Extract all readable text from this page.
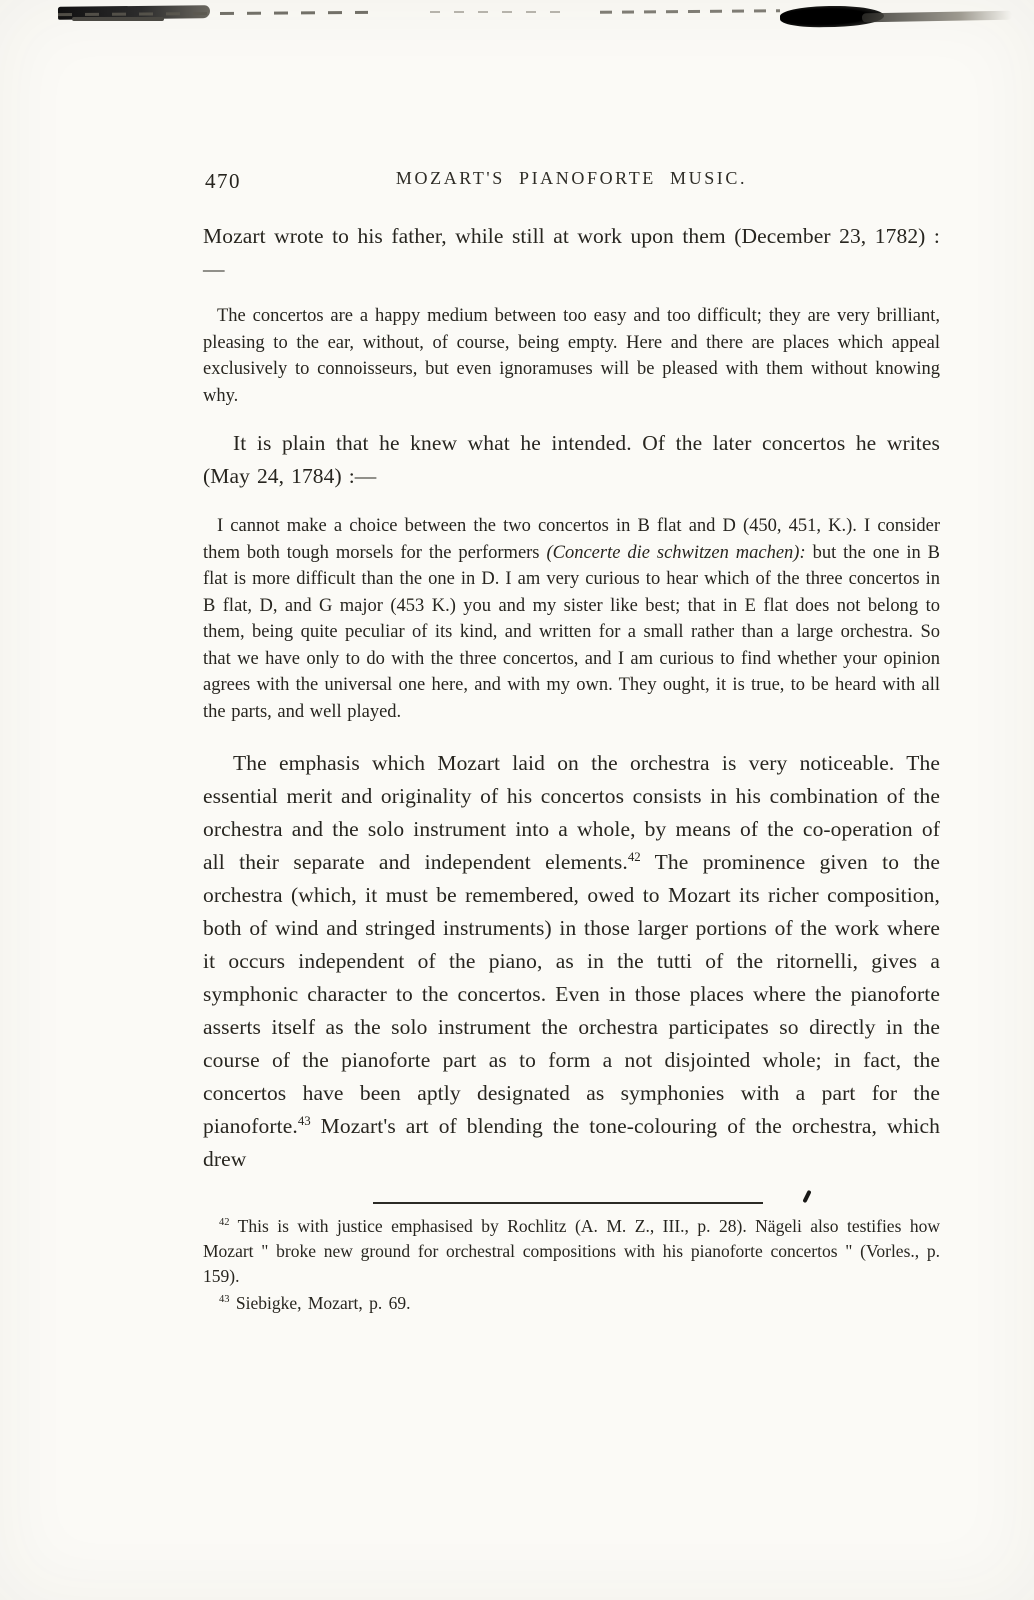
470	MOZART'S PIANOFORTE MUSIC.

Mozart wrote to his father, while still at work upon them (December 23, 1782) :—

The concertos are a happy medium between too easy and too difficult; they are very brilliant, pleasing to the ear, without, of course, being empty. Here and there are places which appeal exclusively to connoisseurs, but even ignoramuses will be pleased with them without knowing why.

It is plain that he knew what he intended. Of the later concertos he writes (May 24, 1784) :—

I cannot make a choice between the two concertos in B flat and D (450, 451, K.). I consider them both tough morsels for the performers (Concerte die schwitzen machen): but the one in B flat is more difficult than the one in D. I am very curious to hear which of the three concertos in B flat, D, and G major (453 K.) you and my sister like best; that in E flat does not belong to them, being quite peculiar of its kind, and written for a small rather than a large orchestra. So that we have only to do with the three concertos, and I am curious to find whether your opinion agrees with the universal one here, and with my own. They ought, it is true, to be heard with all the parts, and well played.

The emphasis which Mozart laid on the orchestra is very noticeable. The essential merit and originality of his concertos consists in his combination of the orchestra and the solo instrument into a whole, by means of the co-operation of all their separate and independent elements.$^{42}$ The prominence given to the orchestra (which, it must be remembered, owed to Mozart its richer composition, both of wind and stringed instruments) in those larger portions of the work where it occurs independent of the piano, as in the tutti of the ritornelli, gives a symphonic character to the concertos. Even in those places where the pianoforte asserts itself as the solo instrument the orchestra participates so directly in the course of the pianoforte part as to form a not disjointed whole; in fact, the concertos have been aptly designated as symphonies with a part for the pianoforte.$^{43}$ Mozart's art of blending the tone-colouring of the orchestra, which drew

$^{42}$ This is with justice emphasised by Rochlitz (A. M. Z., III., p. 28). Nägeli also testifies how Mozart " broke new ground for orchestral compositions with his pianoforte concertos " (Vorles., p. 159).

$^{43}$ Siebigke, Mozart, p. 69.
